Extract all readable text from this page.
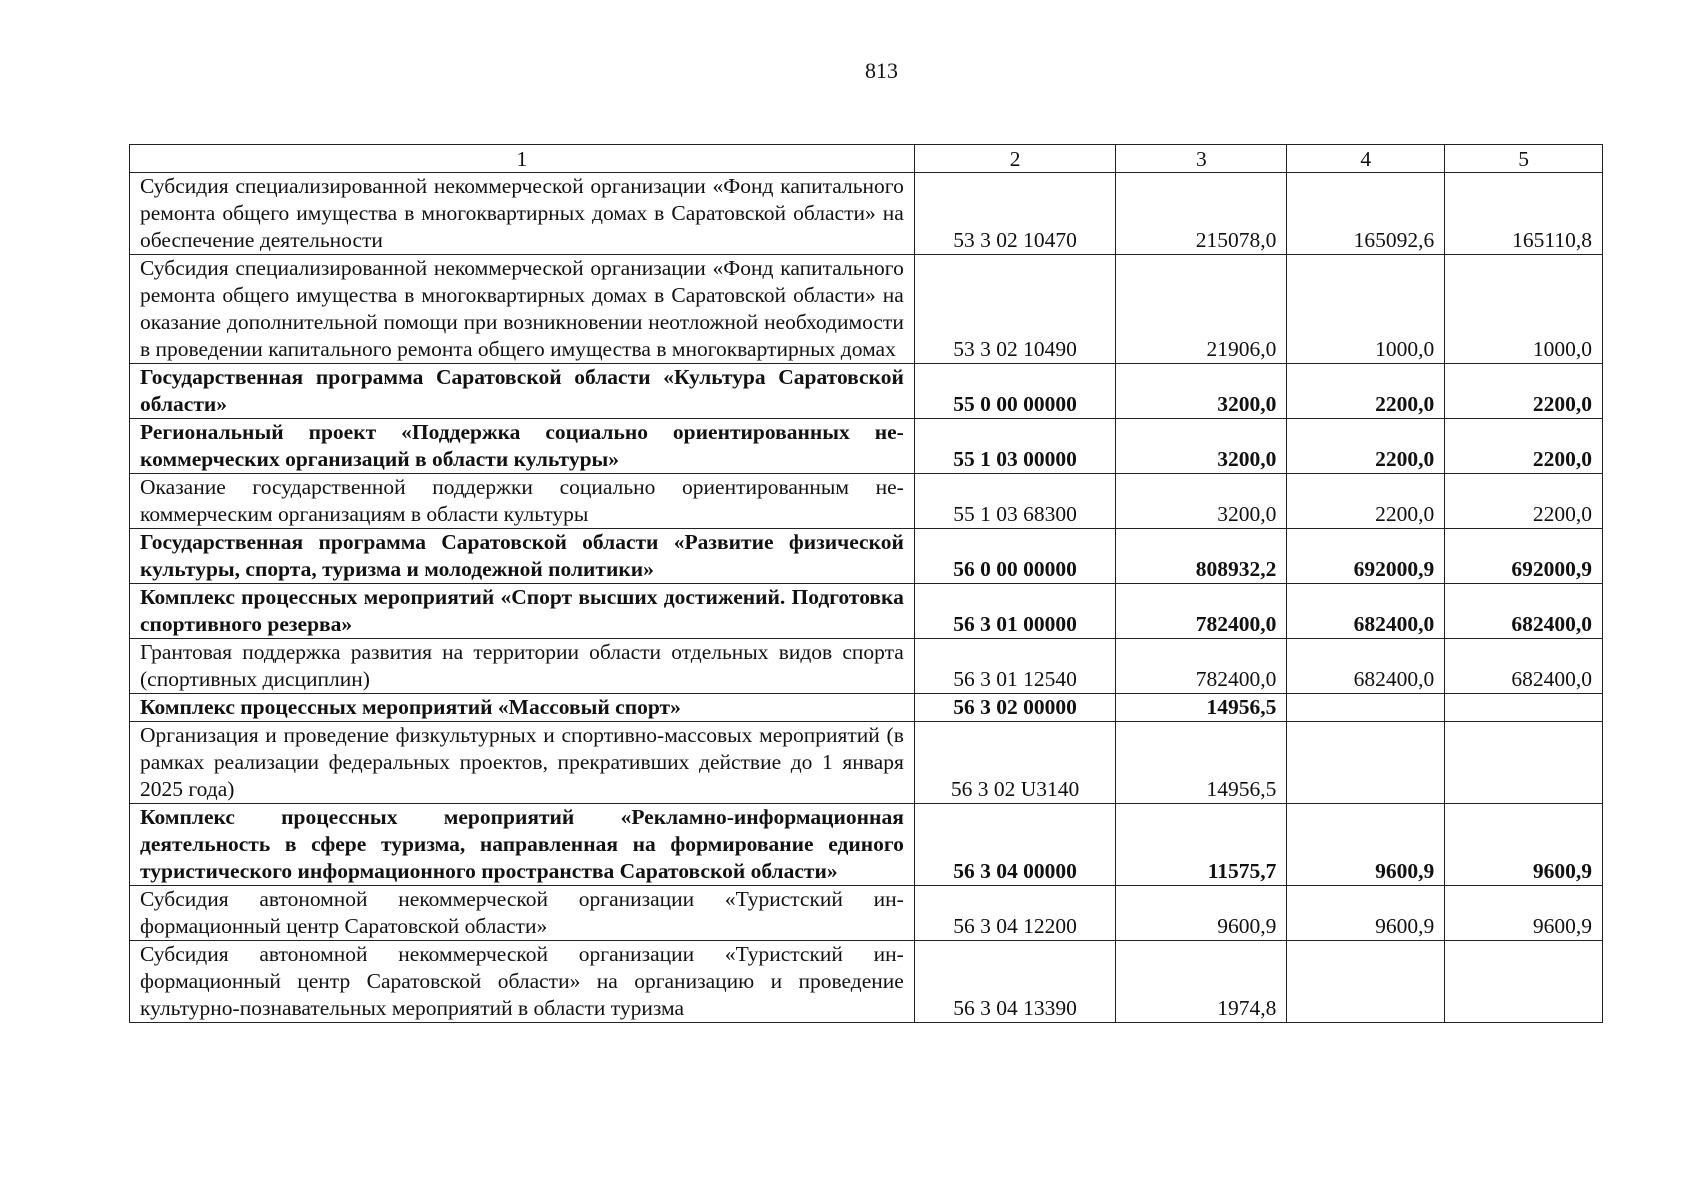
813
1	2	3	4	5
Субсидия специализированной некоммерческой организации «Фонд капитального ремонта общего имущества в многоквартирных домах в Саратовской области» на обеспечение деятельности	53 3 02 10470	215078,0	165092,6	165110,8
Субсидия специализированной некоммерческой организации «Фонд капитального ремонта общего имущества в многоквартирных домах в Саратовской области» на оказание дополнительной помощи при возникновении неотложной необходимости в проведении капитального ремонта общего имущества в многоквартирных домах	53 3 02 10490	21906,0	1000,0	1000,0
Государственная программа Саратовской области «Культура Саратовской области»	55 0 00 00000	3200,0	2200,0	2200,0
Региональный проект «Поддержка социально ориентированных некоммерческих организаций в области культуры»	55 1 03 00000	3200,0	2200,0	2200,0
Оказание государственной поддержки социально ориентированным некоммерческим организациям в области культуры	55 1 03 68300	3200,0	2200,0	2200,0
Государственная программа Саратовской области «Развитие физической культуры, спорта, туризма и молодежной политики»	56 0 00 00000	808932,2	692000,9	692000,9
Комплекс процессных мероприятий «Спорт высших достижений. Подготовка спортивного резерва»	56 3 01 00000	782400,0	682400,0	682400,0
Грантовая поддержка развития на территории области отдельных видов спорта (спортивных дисциплин)	56 3 01 12540	782400,0	682400,0	682400,0
Комплекс процессных мероприятий «Массовый спорт»	56 3 02 00000	14956,5		
Организация и проведение физкультурных и спортивно-массовых мероприятий (в рамках реализации федеральных проектов, прекративших действие до 1 января 2025 года)	56 3 02 U3140	14956,5		
Комплекс процессных мероприятий «Рекламно-информационная деятельность в сфере туризма, направленная на формирование единого туристического информационного пространства Саратовской области»	56 3 04 00000	11575,7	9600,9	9600,9
Субсидия автономной некоммерческой организации «Туристский информационный центр Саратовской области»	56 3 04 12200	9600,9	9600,9	9600,9
Субсидия автономной некоммерческой организации «Туристский информационный центр Саратовской области» на организацию и проведение культурно-познавательных мероприятий в области туризма	56 3 04 13390	1974,8		
